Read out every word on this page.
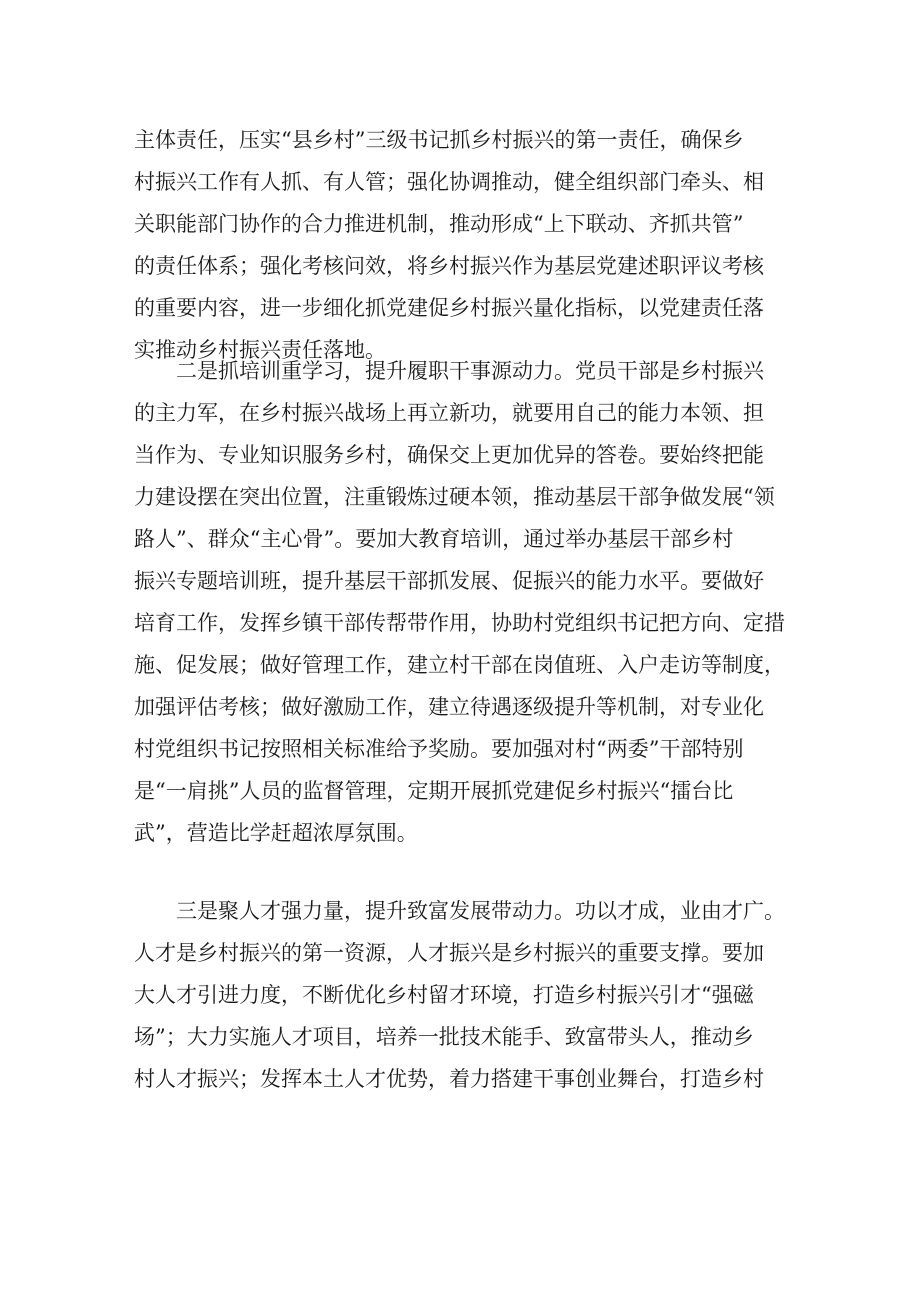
主体责任，压实“县乡村”三级书记抓乡村振兴的第一责任，确保乡
村振兴工作有人抓、有人管；强化协调推动，健全组织部门牵头、相
关职能部门协作的合力推进机制，推动形成“上下联动、齐抓共管”
的责任体系；强化考核问效，将乡村振兴作为基层党建述职评议考核
的重要内容，进一步细化抓党建促乡村振兴量化指标，以党建责任落
实推动乡村振兴责任落地。
　　二是抓培训重学习，提升履职干事源动力。党员干部是乡村振兴
的主力军，在乡村振兴战场上再立新功，就要用自己的能力本领、担
当作为、专业知识服务乡村，确保交上更加优异的答卷。要始终把能
力建设摆在突出位置，注重锻炼过硬本领，推动基层干部争做发展“领
路人”、群众“主心骨”。要加大教育培训，通过举办基层干部乡村
振兴专题培训班，提升基层干部抓发展、促振兴的能力水平。要做好
培育工作，发挥乡镇干部传帮带作用，协助村党组织书记把方向、定措
施、促发展；做好管理工作，建立村干部在岗值班、入户走访等制度，
加强评估考核；做好激励工作，建立待遇逐级提升等机制，对专业化
村党组织书记按照相关标准给予奖励。要加强对村“两委”干部特别
是“一肩挑”人员的监督管理，定期开展抓党建促乡村振兴“擂台比
武”，营造比学赶超浓厚氛围。
　　三是聚人才强力量，提升致富发展带动力。功以才成，业由才广。
人才是乡村振兴的第一资源，人才振兴是乡村振兴的重要支撑。要加
大人才引进力度，不断优化乡村留才环境，打造乡村振兴引才“强磁
场”；大力实施人才项目，培养一批技术能手、致富带头人，推动乡
村人才振兴；发挥本土人才优势，着力搭建干事创业舞台，打造乡村
